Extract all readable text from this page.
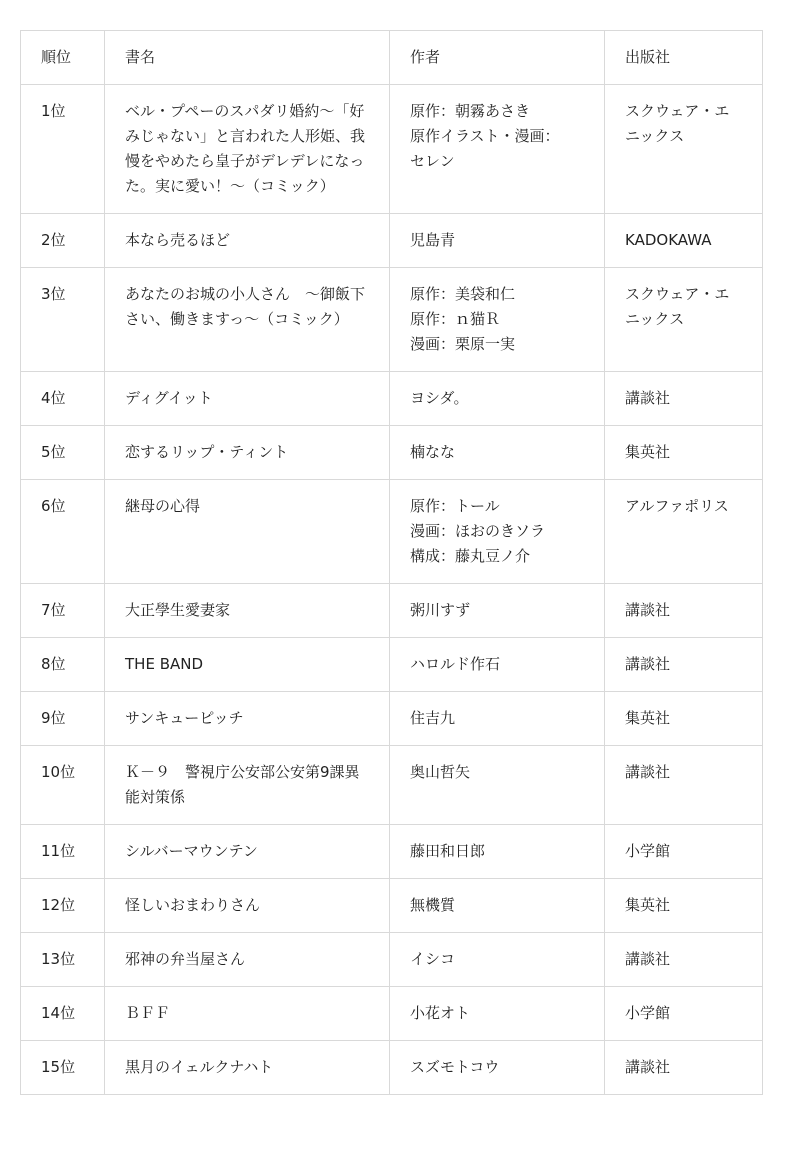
順位	書名	作者	出版社
1位	ベル・プペーのスパダリ婚約～「好みじゃない」と言われた人形姫、我慢をやめたら皇子がデレデレになった。実に愛い！～（コミック）	原作：朝霧あさき
原作イラスト・漫画：
セレン	スクウェア・エニックス
2位	本なら売るほど	児島青	KADOKAWA
3位	あなたのお城の小人さん　～御飯下さい、働きますっ～（コミック）	原作：美袋和仁
原作：ｎ猫Ｒ
漫画：栗原一実	スクウェア・エニックス
4位	ディグイット	ヨシダ。	講談社
5位	恋するリップ・ティント	楠なな	集英社
6位	継母の心得	原作：トール
漫画：ほおのきソラ
構成：藤丸豆ノ介	アルファポリス
7位	大正學生愛妻家	粥川すず	講談社
8位	THE BAND	ハロルド作石	講談社
9位	サンキューピッチ	住吉九	集英社
10位	Ｋ－９　警視庁公安部公安第9課異能対策係	奥山哲矢	講談社
11位	シルバーマウンテン	藤田和日郎	小学館
12位	怪しいおまわりさん	無機質	集英社
13位	邪神の弁当屋さん	イシコ	講談社
14位	ＢＦＦ	小花オト	小学館
15位	黒月のイェルクナハト	スズモトコウ	講談社
